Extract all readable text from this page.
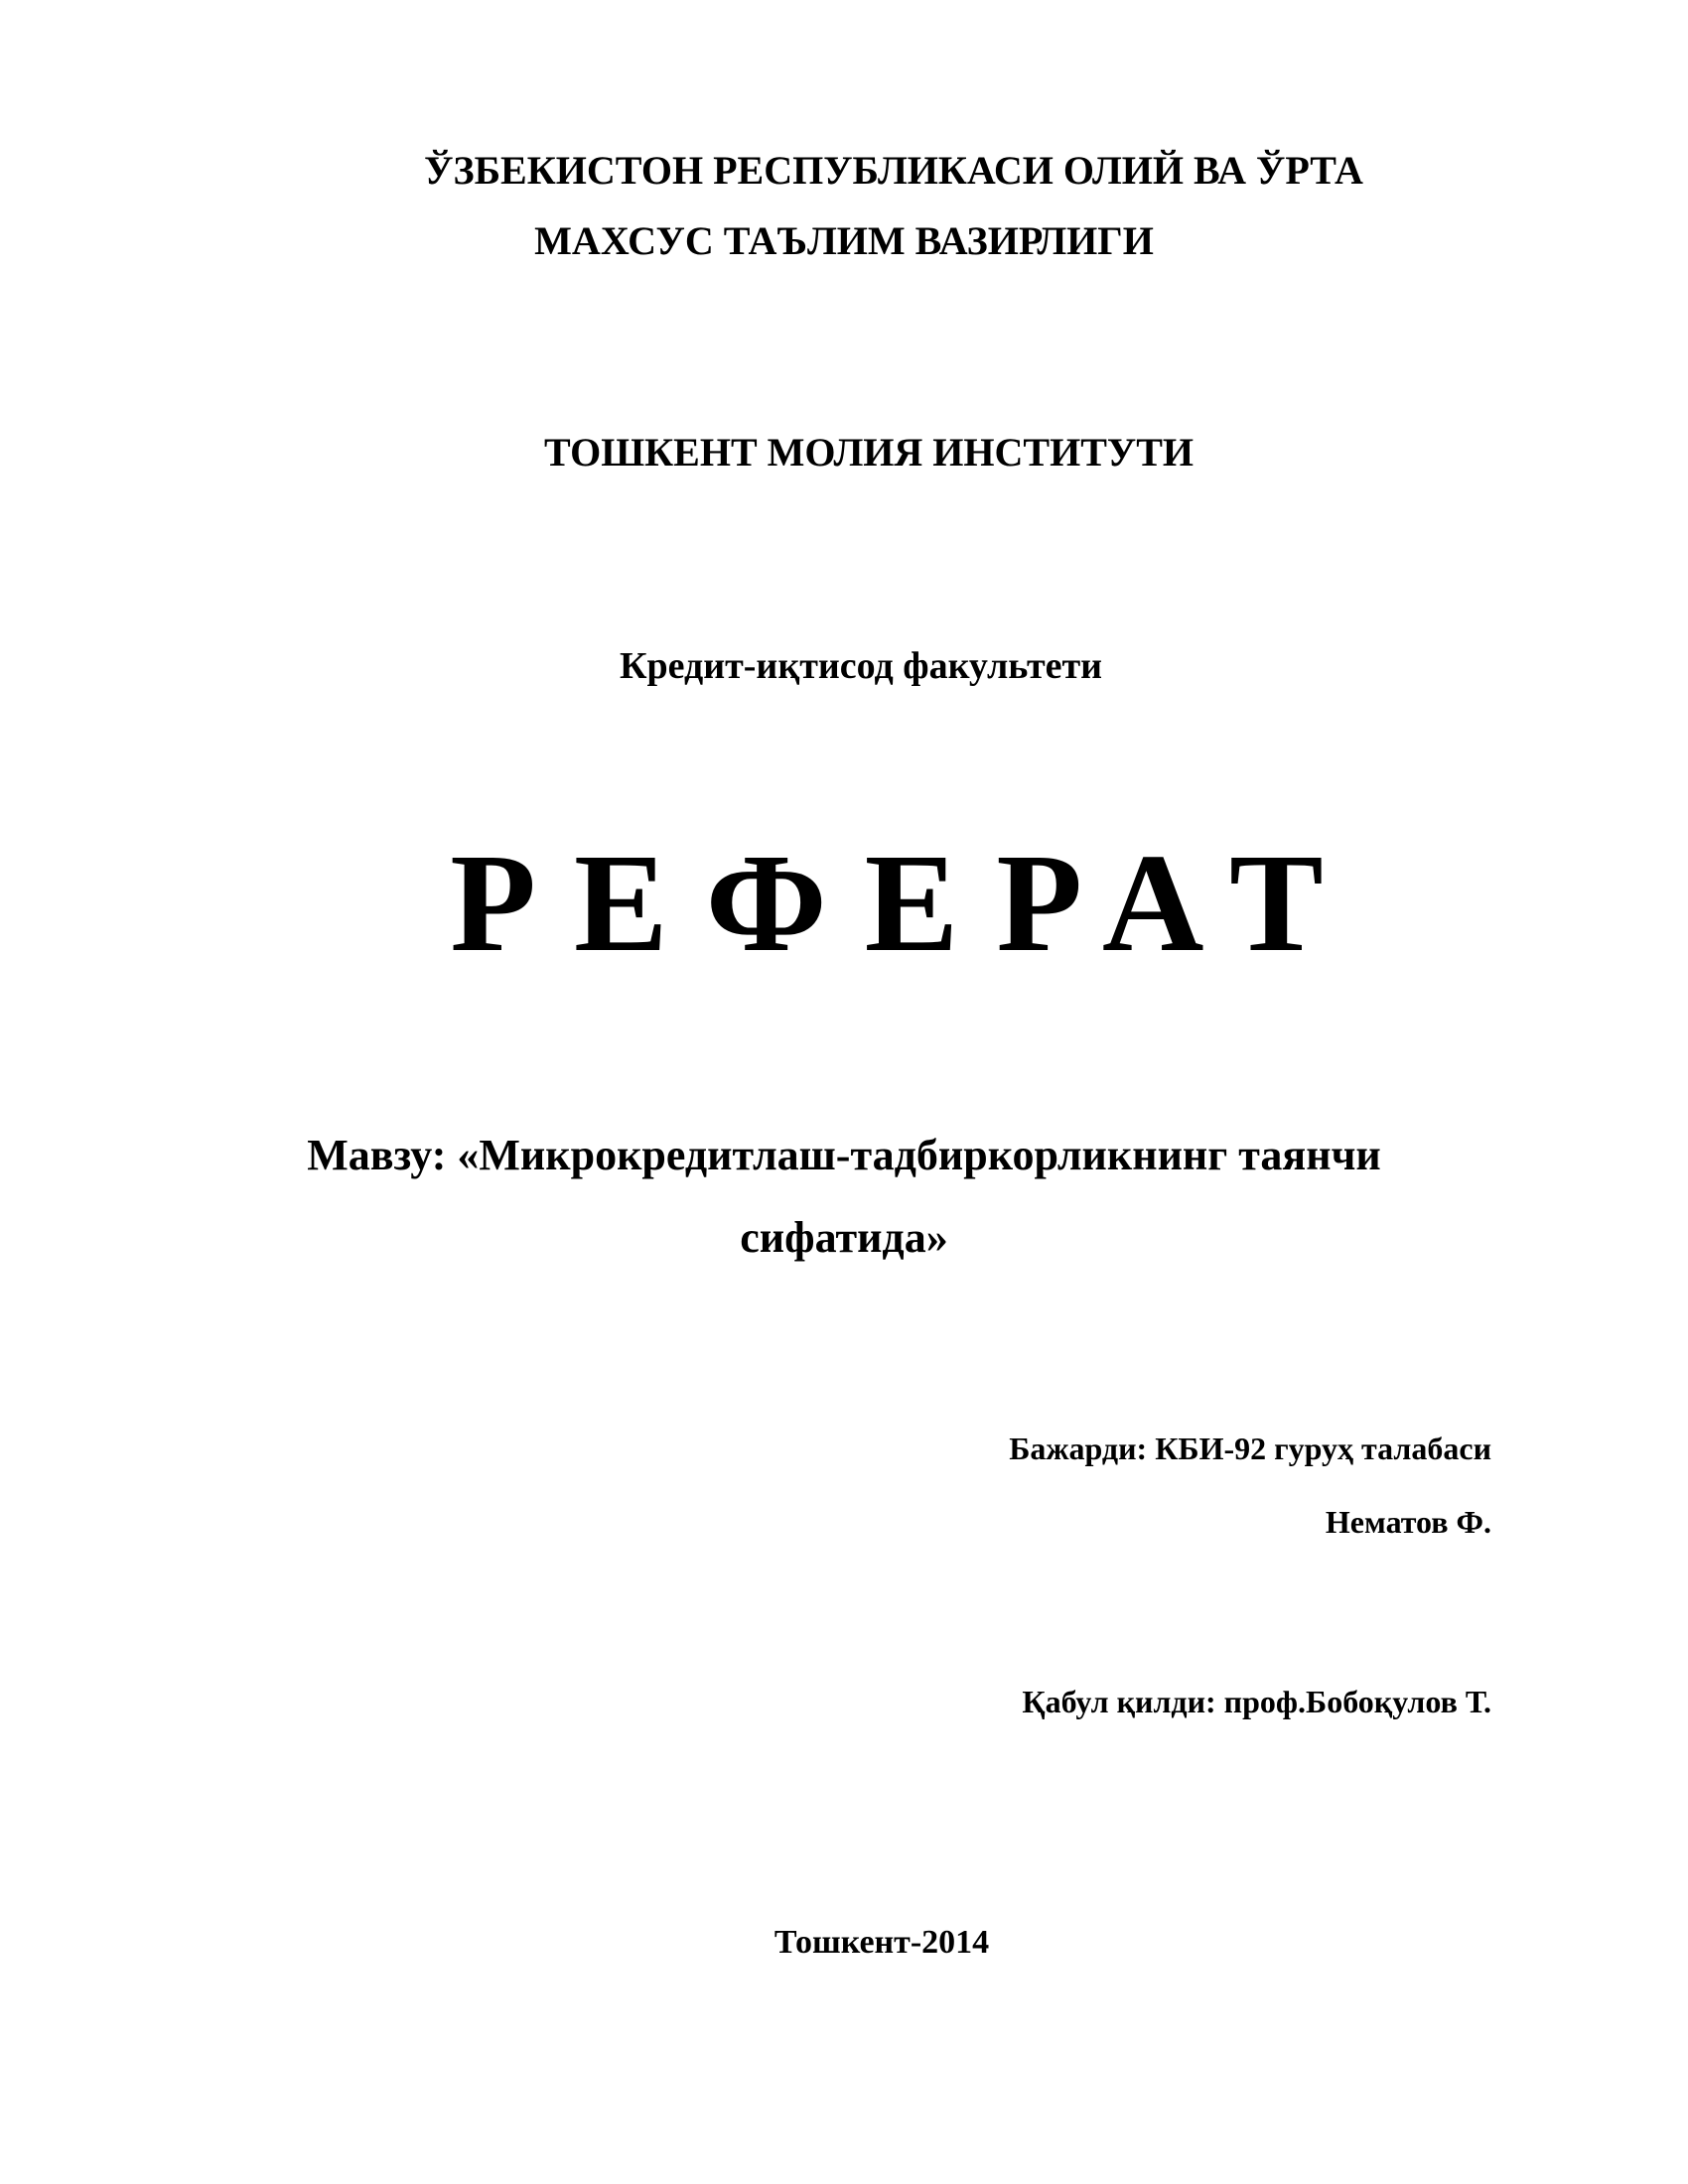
ЎЗБЕКИСТОН РЕСПУБЛИКАСИ ОЛИЙ ВА ЎРТА
МАХСУС ТАЪЛИМ ВАЗИРЛИГИ
ТОШКЕНТ МОЛИЯ ИНСТИТУТИ
Кредит-иқтисод факультети
РЕФЕРАТ
Мавзу: «Микрокредитлаш-тадбиркорликнинг таянчи
сифатида»
Бажарди: КБИ-92 гуруҳ талабаси
Нематов Ф.
Қабул қилди: проф.Бобоқулов Т.
Тошкент-2014
